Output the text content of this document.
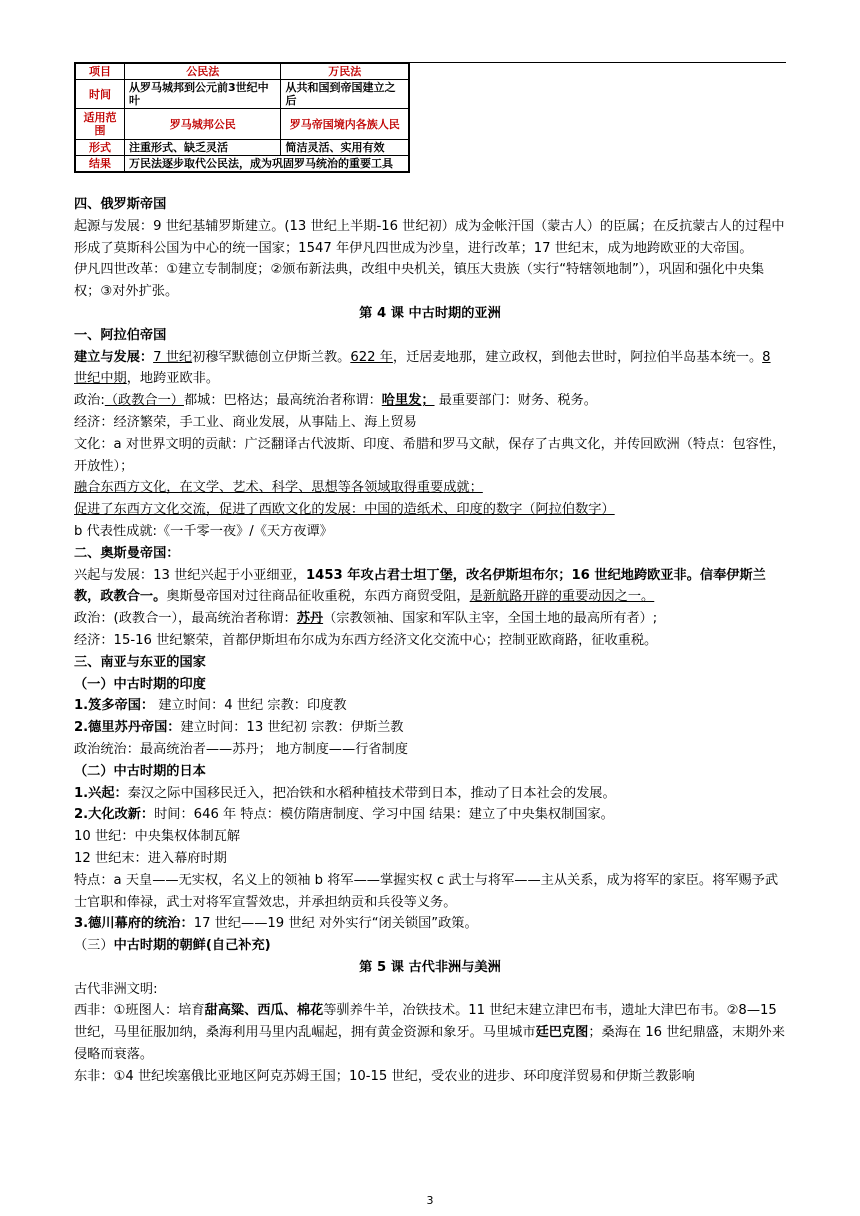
项目	公民法	万民法
时间	从罗马城邦到公元前3世纪中叶	从共和国到帝国建立之后
适用范围	罗马城邦公民	罗马帝国境内各族人民
形式	注重形式、缺乏灵活	简洁灵活、实用有效
结果	万民法逐步取代公民法，成为巩固罗马统治的重要工具	

四、俄罗斯帝国

起源与发展：9 世纪基辅罗斯建立。(13 世纪上半期-16 世纪初）成为金帐汗国（蒙古人）的臣属；在反抗蒙古人的过程中形成了莫斯科公国为中心的统一国家；1547 年伊凡四世成为沙皇，进行改革；17 世纪末，成为地跨欧亚的大帝国。

伊凡四世改革：①建立专制制度；②颁布新法典，改组中央机关，镇压大贵族（实行“特辖领地制”），巩固和强化中央集权；③对外扩张。

第 4 课 中古时期的亚洲

一、阿拉伯帝国

建立与发展：7 世纪初穆罕默德创立伊斯兰教。622 年，迁居麦地那，建立政权，到他去世时，阿拉伯半岛基本统一。8 世纪中期，地跨亚欧非。

政治:（政教合一）都城：巴格达；最高统治者称谓：哈里发； 最重要部门：财务、税务。

经济：经济繁荣，手工业、商业发展，从事陆上、海上贸易

文化：a 对世界文明的贡献：广泛翻译古代波斯、印度、希腊和罗马文献，保存了古典文化，并传回欧洲（特点：包容性，开放性）；

融合东西方文化，在文学、艺术、科学、思想等各领域取得重要成就；

促进了东西方文化交流，促进了西欧文化的发展：中国的造纸术、印度的数字（阿拉伯数字）

b 代表性成就:《一千零一夜》/《天方夜谭》

二、奥斯曼帝国：

兴起与发展：13 世纪兴起于小亚细亚，1453 年攻占君士坦丁堡，改名伊斯坦布尔；16 世纪地跨欧亚非。信奉伊斯兰教，政教合一。奥斯曼帝国对过往商品征收重税，东西方商贸受阻，是新航路开辟的重要动因之一。

政治：(政教合一），最高统治者称谓：苏丹（宗教领袖、国家和军队主宰，全国土地的最高所有者）;

经济：15-16 世纪繁荣，首都伊斯坦布尔成为东西方经济文化交流中心；控制亚欧商路，征收重税。

三、南亚与东亚的国家

（一）中古时期的印度

1.笈多帝国： 建立时间：4 世纪 宗教：印度教

2.德里苏丹帝国：建立时间：13 世纪初 宗教：伊斯兰教

政治统治：最高统治者——苏丹； 地方制度——行省制度

（二）中古时期的日本

1.兴起：秦汉之际中国移民迁入，把冶铁和水稻种植技术带到日本，推动了日本社会的发展。

2.大化改新：时间：646 年 特点：模仿隋唐制度、学习中国 结果：建立了中央集权制国家。

10 世纪：中央集权体制瓦解

12 世纪末：进入幕府时期

特点：a 天皇——无实权，名义上的领袖 b 将军——掌握实权 c 武士与将军——主从关系，成为将军的家臣。将军赐予武士官职和俸禄，武士对将军宣誓效忠，并承担纳贡和兵役等义务。

3.德川幕府的统治：17 世纪——19 世纪 对外实行“闭关锁国”政策。

（三）中古时期的朝鲜(自己补充)

第 5 课 古代非洲与美洲

古代非洲文明:

西非：①班图人：培育甜高粱、西瓜、棉花等驯养牛羊，冶铁技术。11 世纪末建立津巴布韦，遗址大津巴布韦。②8—15 世纪，马里征服加纳，桑海利用马里内乱崛起，拥有黄金资源和象牙。马里城市廷巴克图；桑海在 16 世纪鼎盛，末期外来侵略而衰落。

东非：①4 世纪埃塞俄比亚地区阿克苏姆王国；10-15 世纪，受农业的进步、环印度洋贸易和伊斯兰教影响

3
